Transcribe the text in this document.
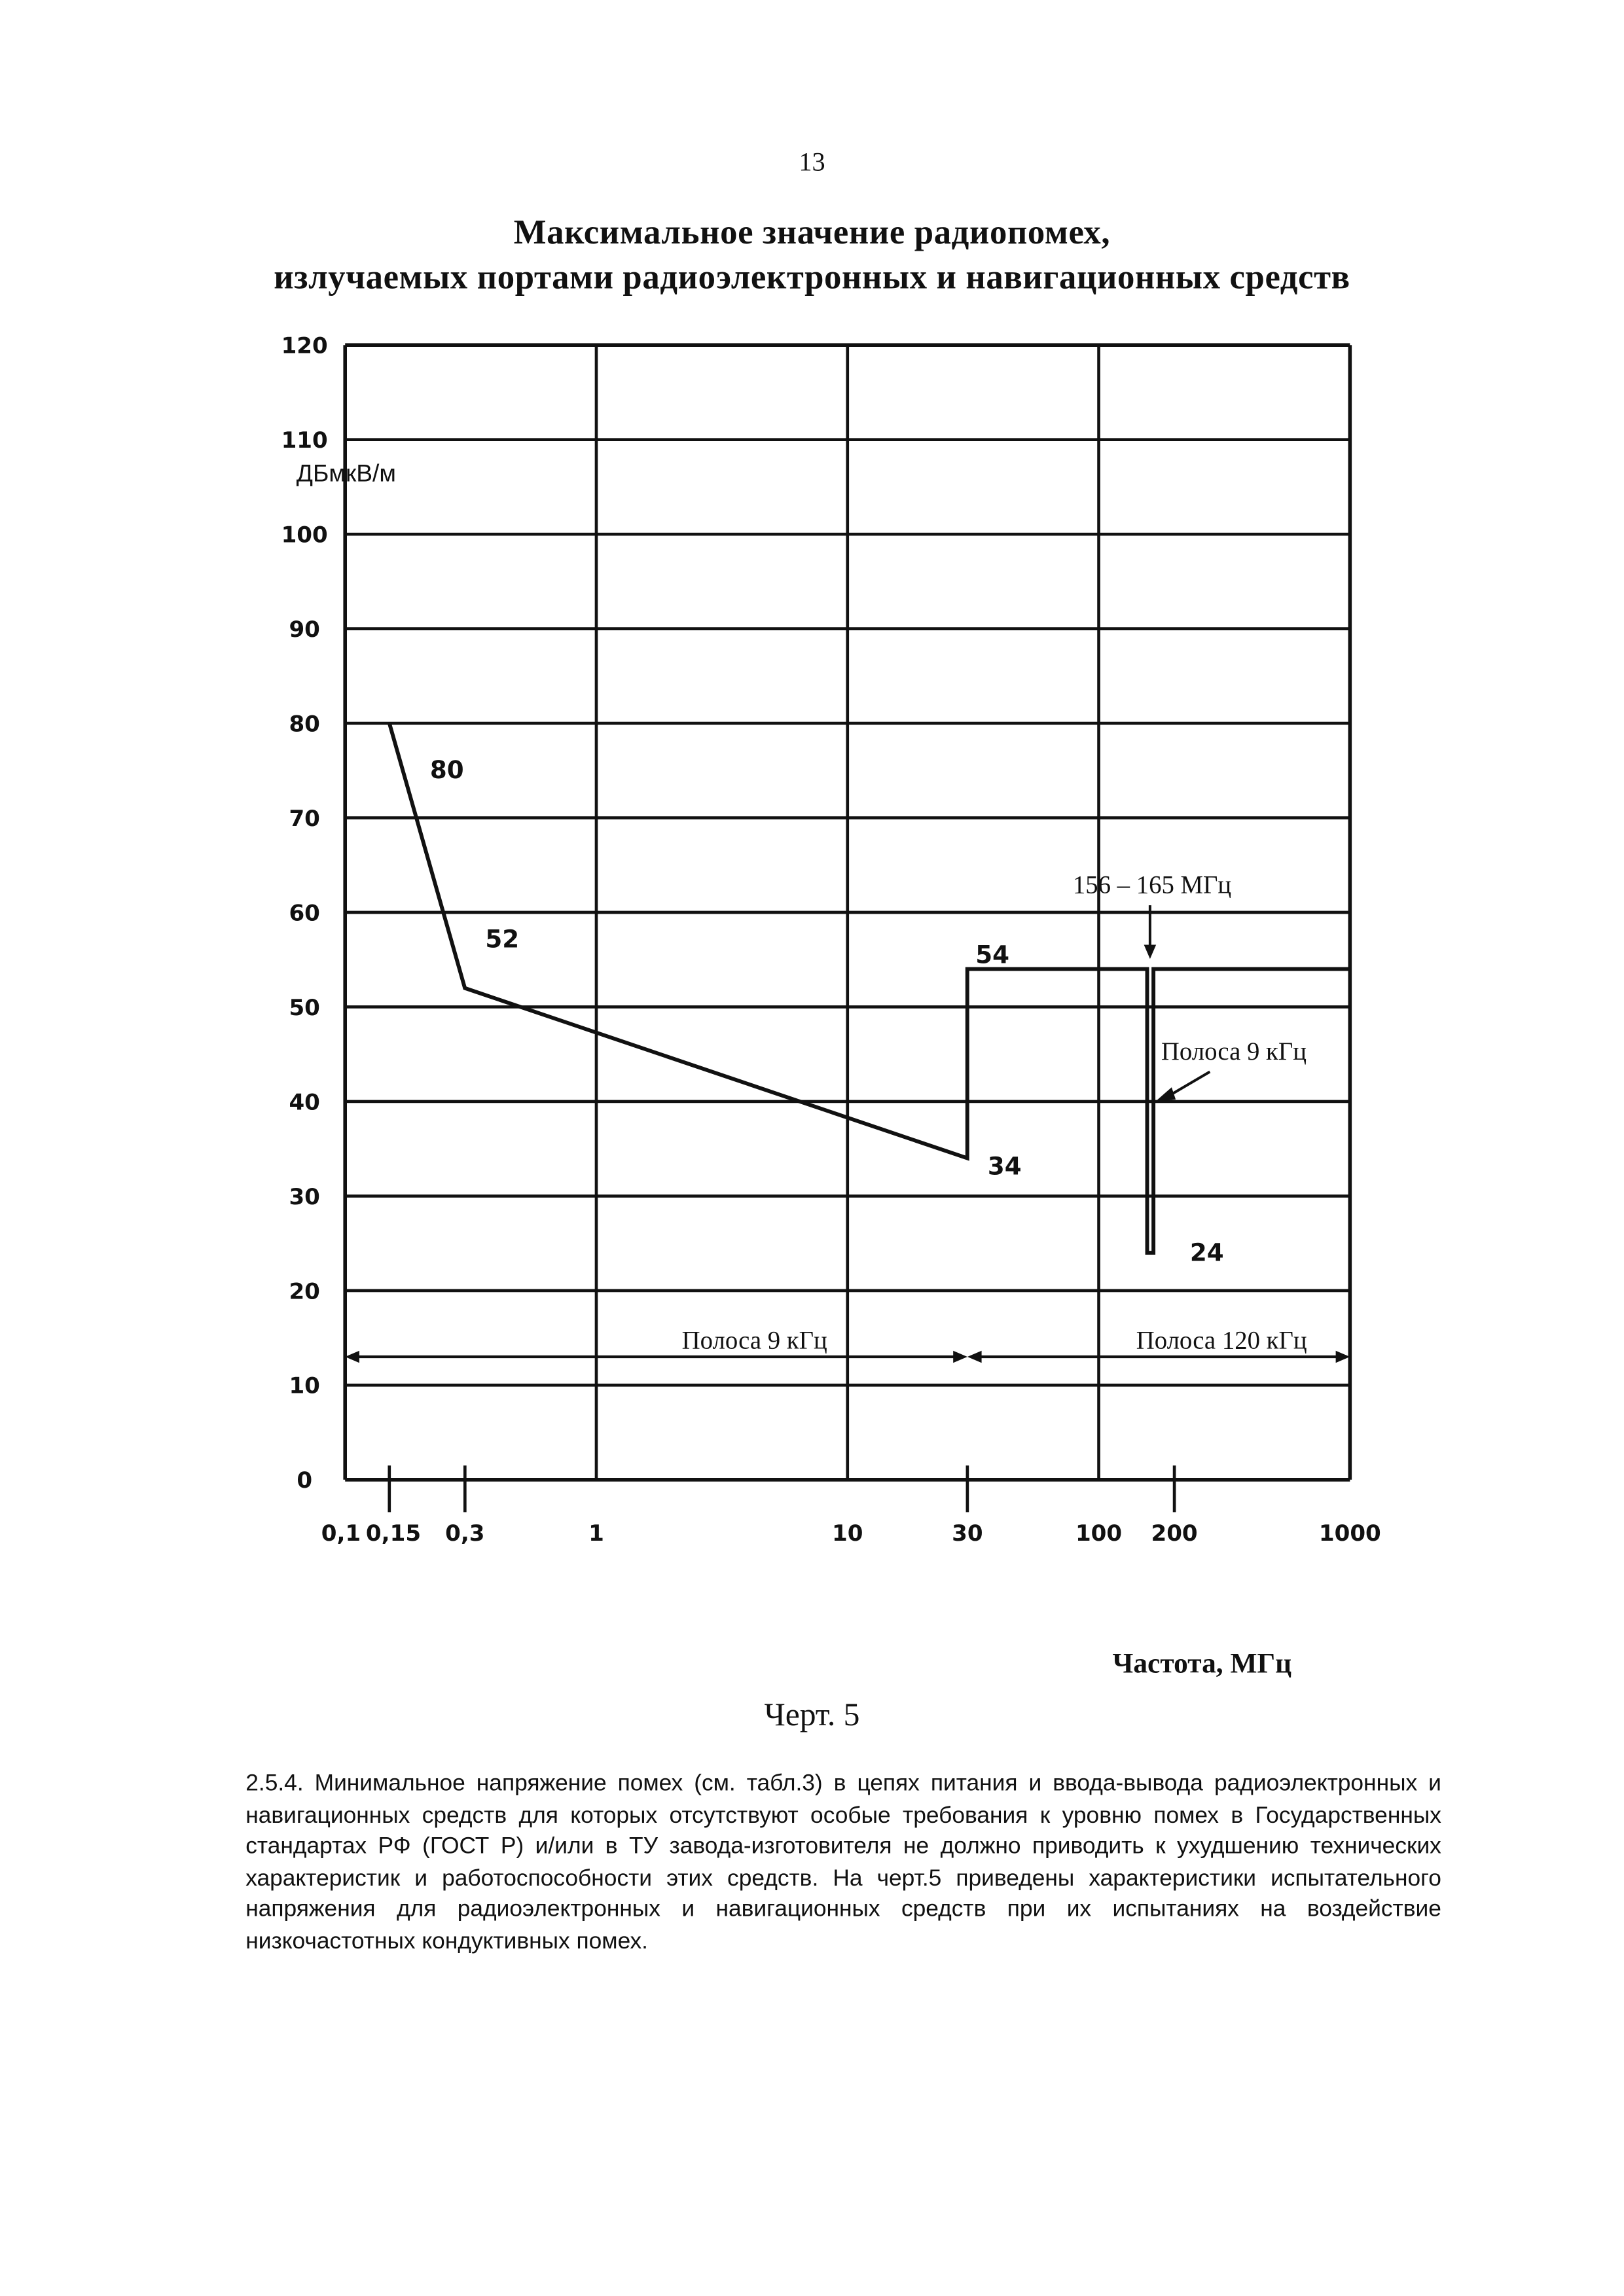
13
Максимальное значение радиопомех,
излучаемых портами радиоэлектронных и навигационных средств
0
10
20
30
40
50
60
70
80
90
100
110
120
0,1 0,15	0,3	1	10	30	100	200	1000
Полоса 9 кГц	Полоса 120 кГц
80
52
54
34
24
156 – 165 МГц
Полоса 9 кГц
ДБмкВ/м
Частота, МГц
Черт. 5
2.5.4. Минимальное напряжение помех (см. табл.3) в цепях питания и ввода-вывода радиоэлектронных и навигационных средств для которых отсутствуют особые требования к уровню помех в Государственных стандартах РФ (ГОСТ Р) и/или в ТУ завода-изготовителя не должно приводить к ухудшению технических характеристик и работоспособности этих средств. На черт.5 приведены характеристики испытательного напряжения для радиоэлектронных и навигационных средств при их испытаниях на воздействие низкочастотных кондуктивных помех.
